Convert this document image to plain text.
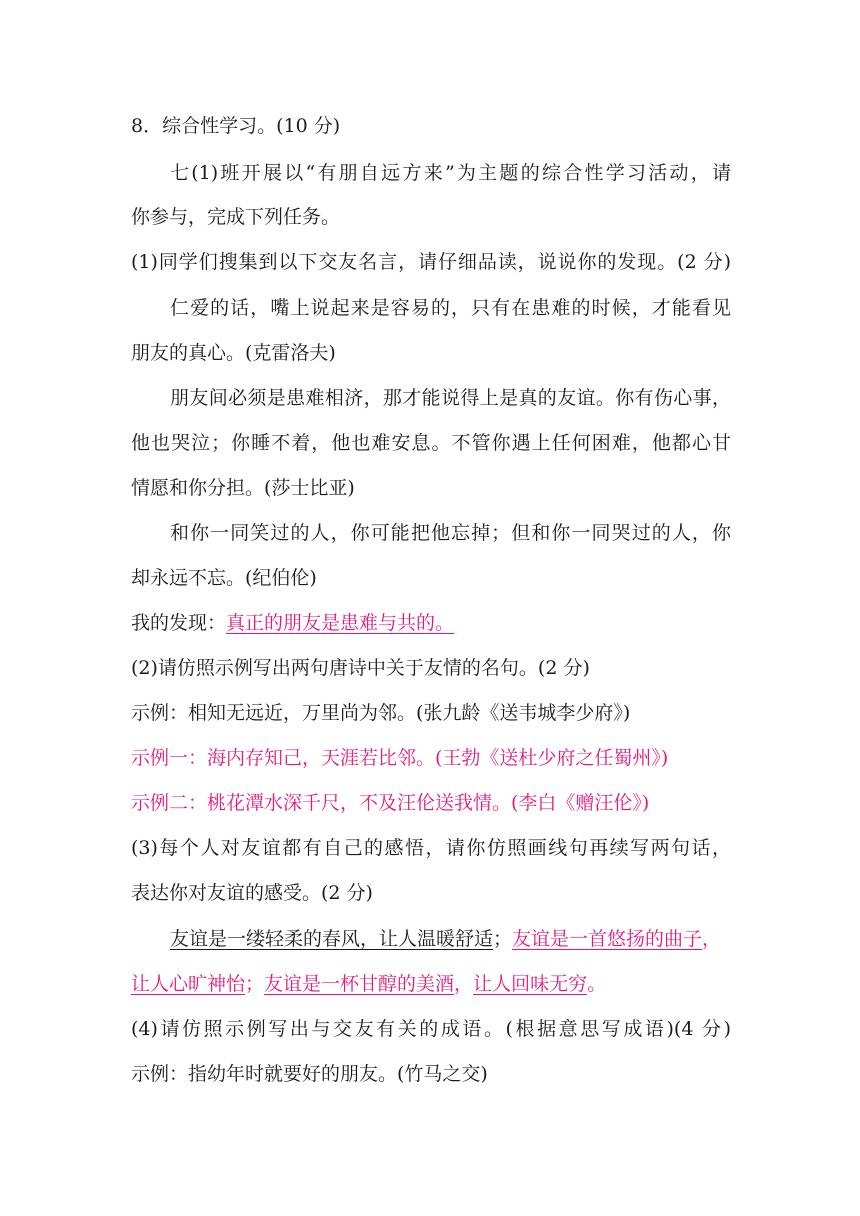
8．综合性学习。(10 分)
七(1)班开展以“有朋自远方来”为主题的综合性学习活动，请
你参与，完成下列任务。
(1)同学们搜集到以下交友名言，请仔细品读，说说你的发现。(2 分)
仁爱的话，嘴上说起来是容易的，只有在患难的时候，才能看见
朋友的真心。(克雷洛夫)
朋友间必须是患难相济，那才能说得上是真的友谊。你有伤心事，
他也哭泣；你睡不着，他也难安息。不管你遇上任何困难，他都心甘
情愿和你分担。(莎士比亚)
和你一同笑过的人，你可能把他忘掉；但和你一同哭过的人，你
却永远不忘。(纪伯伦)
我的发现：真正的朋友是患难与共的。
(2)请仿照示例写出两句唐诗中关于友情的名句。(2 分)
示例：相知无远近，万里尚为邻。(张九龄《送韦城李少府》)
示例一：海内存知己，天涯若比邻。(王勃《送杜少府之任蜀州》)
示例二：桃花潭水深千尺，不及汪伦送我情。(李白《赠汪伦》)
(3)每个人对友谊都有自己的感悟，请你仿照画线句再续写两句话，
表达你对友谊的感受。(2 分)
友谊是一缕轻柔的春风，让人温暖舒适；友谊是一首悠扬的曲子，
让人心旷神怡；友谊是一杯甘醇的美酒，让人回味无穷。
(4)请仿照示例写出与交友有关的成语。(根据意思写成语)(4 分)
示例：指幼年时就要好的朋友。(竹马之交)
